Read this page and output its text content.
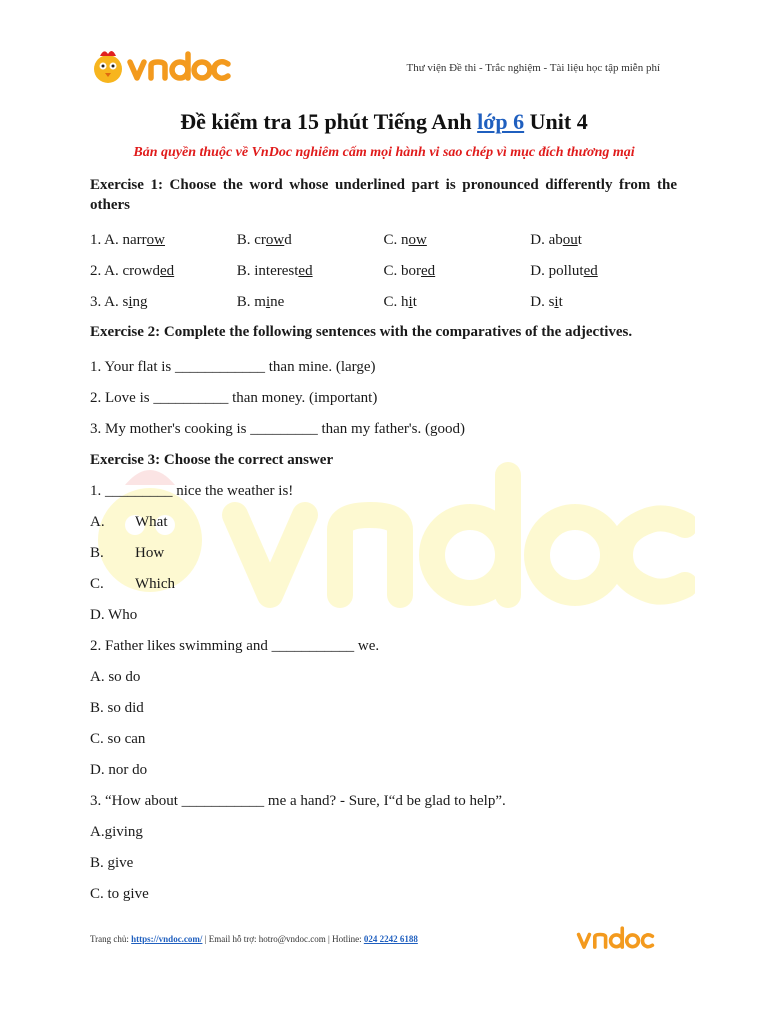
Thư viện Đề thi - Trắc nghiệm - Tài liệu học tập miễn phí
Đề kiểm tra 15 phút Tiếng Anh lớp 6 Unit 4
Bản quyền thuộc về VnDoc nghiêm cấm mọi hành vi sao chép vì mục đích thương mại
Exercise 1: Choose the word whose underlined part is pronounced differently from the others
1. A. narrow	B. crowd	C. now	D. about
2. A. crowded	B. interested	C. bored	D. polluted
3. A. sing	B. mine	C. hit	D. sit
Exercise 2: Complete the following sentences with the comparatives of the adjectives.
1. Your flat is ____________ than mine. (large)
2. Love is __________ than money. (important)
3. My mother's cooking is _________ than my father's. (good)
Exercise 3: Choose the correct answer
1. _________ nice the weather is!
A.	What
B.	How
C.	Which
D. Who
2. Father likes swimming and ___________ we.
A. so do
B. so did
C. so can
D. nor do
3. “How about ___________ me a hand? - Sure, I“d be glad to help”.
A.giving
B. give
C. to give
Trang chủ: https://vndoc.com/ | Email hỗ trợ: hotro@vndoc.com | Hotline: 024 2242 6188
